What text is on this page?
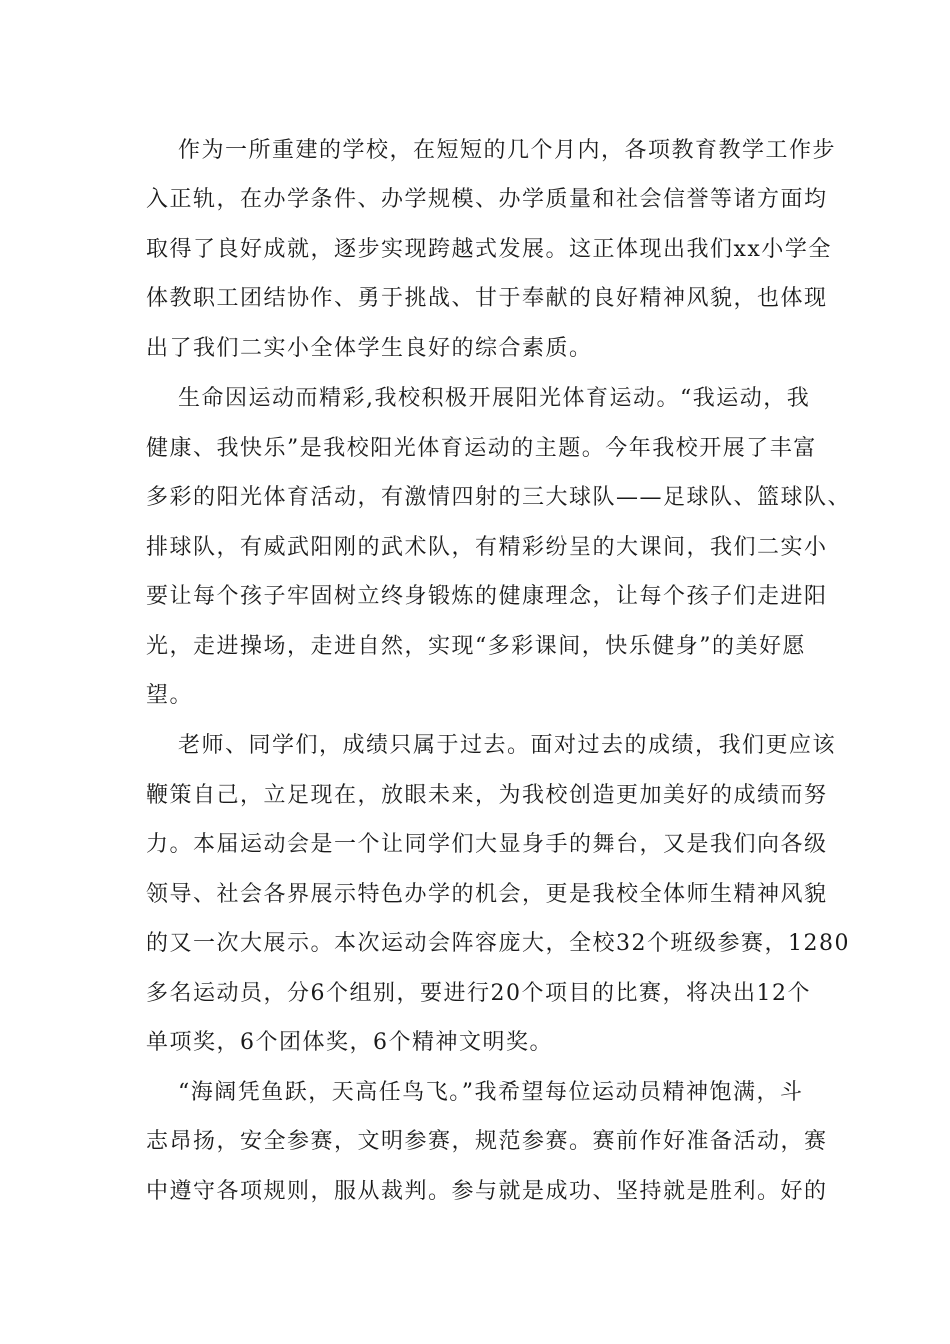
作为一所重建的学校，在短短的几个月内，各项教育教学工作步
入正轨，在办学条件、办学规模、办学质量和社会信誉等诸方面均
取得了良好成就，逐步实现跨越式发展。这正体现出我们xx小学全
体教职工团结协作、勇于挑战、甘于奉献的良好精神风貌，也体现
出了我们二实小全体学生良好的综合素质。
生命因运动而精彩,我校积极开展阳光体育运动。“我运动，我
健康、我快乐”是我校阳光体育运动的主题。今年我校开展了丰富
多彩的阳光体育活动，有激情四射的三大球队——足球队、篮球队、
排球队，有威武阳刚的武术队，有精彩纷呈的大课间，我们二实小
要让每个孩子牢固树立终身锻炼的健康理念，让每个孩子们走进阳
光，走进操场，走进自然，实现“多彩课间，快乐健身”的美好愿
望。
老师、同学们，成绩只属于过去。面对过去的成绩，我们更应该
鞭策自己，立足现在，放眼未来，为我校创造更加美好的成绩而努
力。本届运动会是一个让同学们大显身手的舞台，又是我们向各级
领导、社会各界展示特色办学的机会，更是我校全体师生精神风貌
的又一次大展示。本次运动会阵容庞大，全校32个班级参赛，1280
多名运动员，分6个组别，要进行20个项目的比赛，将决出12个
单项奖，6个团体奖，6个精神文明奖。
“海阔凭鱼跃，天高任鸟飞。”我希望每位运动员精神饱满，斗
志昂扬，安全参赛，文明参赛，规范参赛。赛前作好准备活动，赛
中遵守各项规则，服从裁判。参与就是成功、坚持就是胜利。好的
